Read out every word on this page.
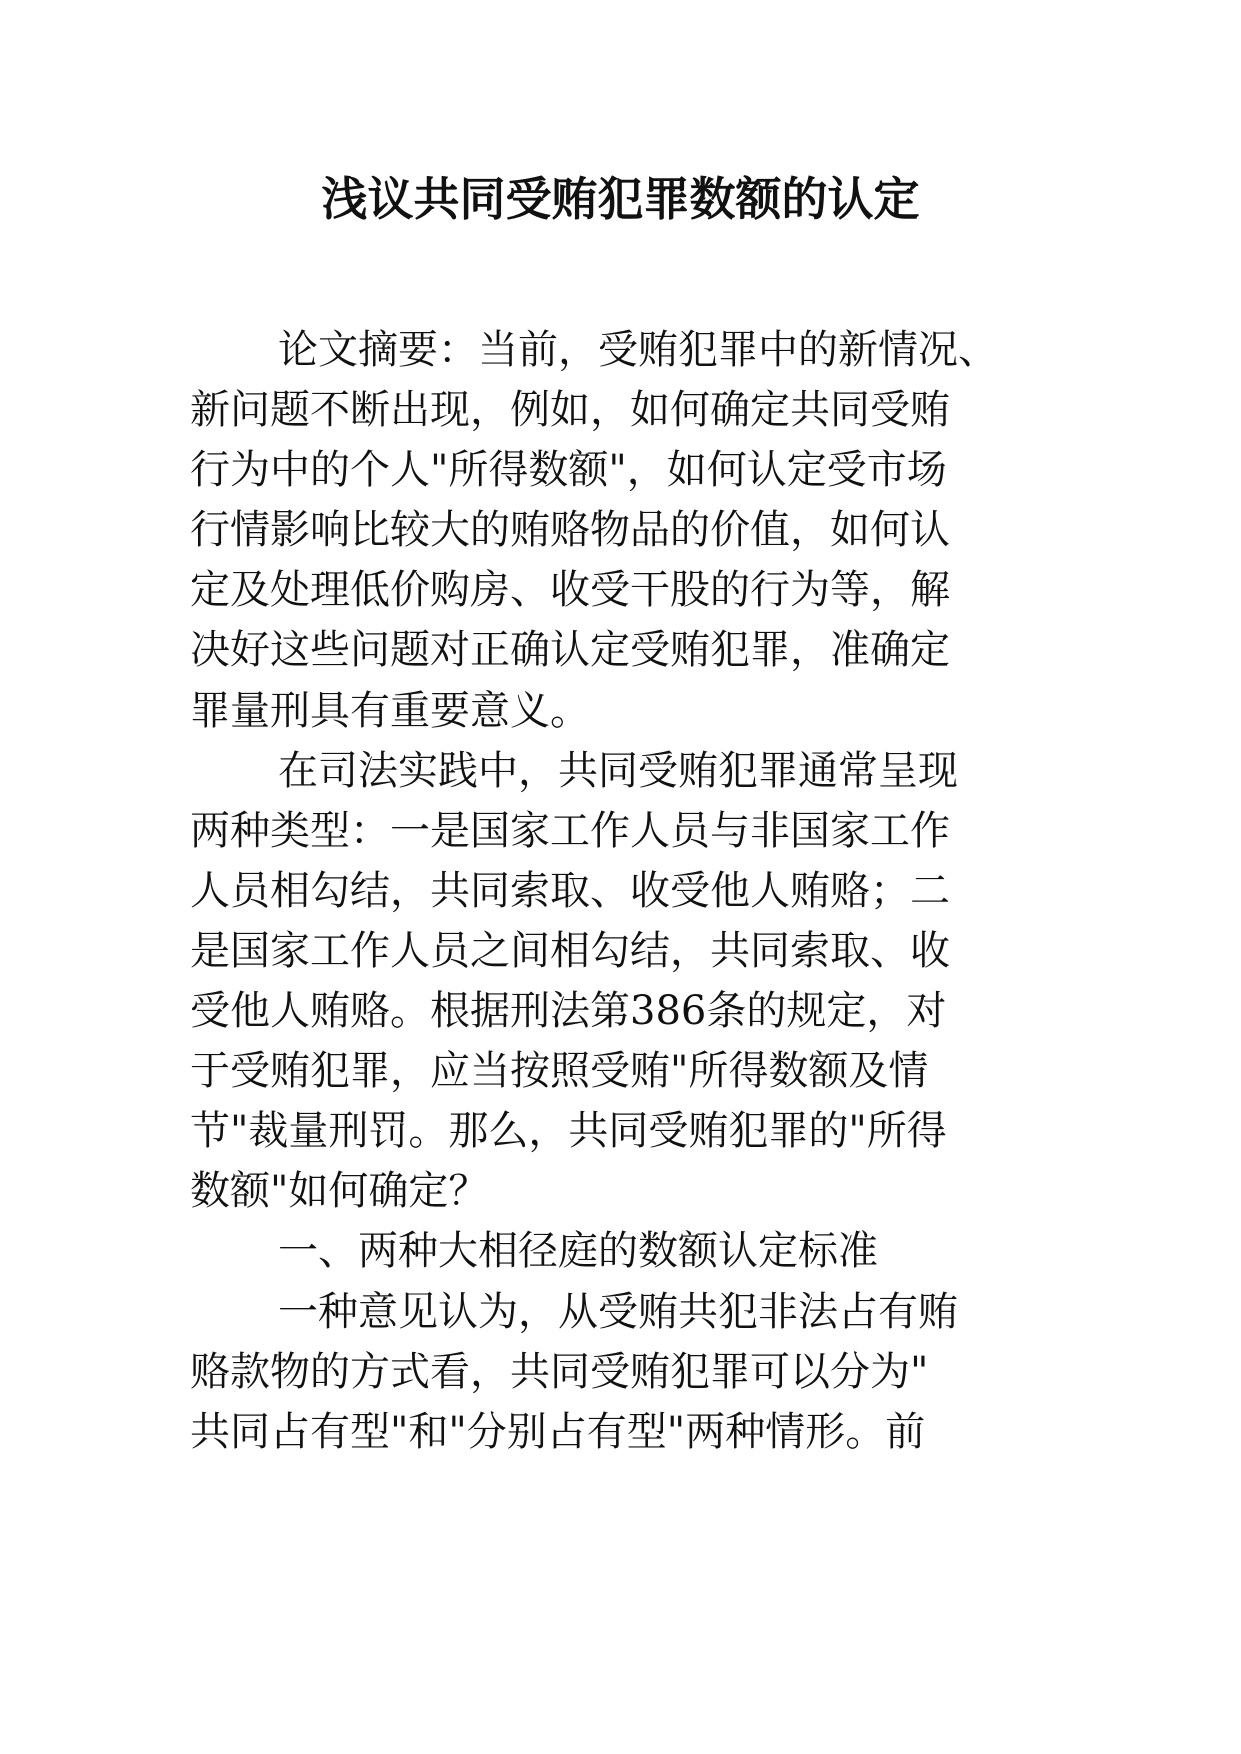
浅议共同受贿犯罪数额的认定
论文摘要：当前，受贿犯罪中的新情况、
新问题不断出现，例如，如何确定共同受贿
行为中的个人"所得数额"，如何认定受市场
行情影响比较大的贿赂物品的价值，如何认
定及处理低价购房、收受干股的行为等，解
决好这些问题对正确认定受贿犯罪，准确定
罪量刑具有重要意义。
在司法实践中，共同受贿犯罪通常呈现
两种类型：一是国家工作人员与非国家工作
人员相勾结，共同索取、收受他人贿赂；二
是国家工作人员之间相勾结，共同索取、收
受他人贿赂。根据刑法第386条的规定，对
于受贿犯罪，应当按照受贿"所得数额及情
节"裁量刑罚。那么，共同受贿犯罪的"所得
数额"如何确定？
一、两种大相径庭的数额认定标准
一种意见认为，从受贿共犯非法占有贿
赂款物的方式看，共同受贿犯罪可以分为"
共同占有型"和"分别占有型"两种情形。前
